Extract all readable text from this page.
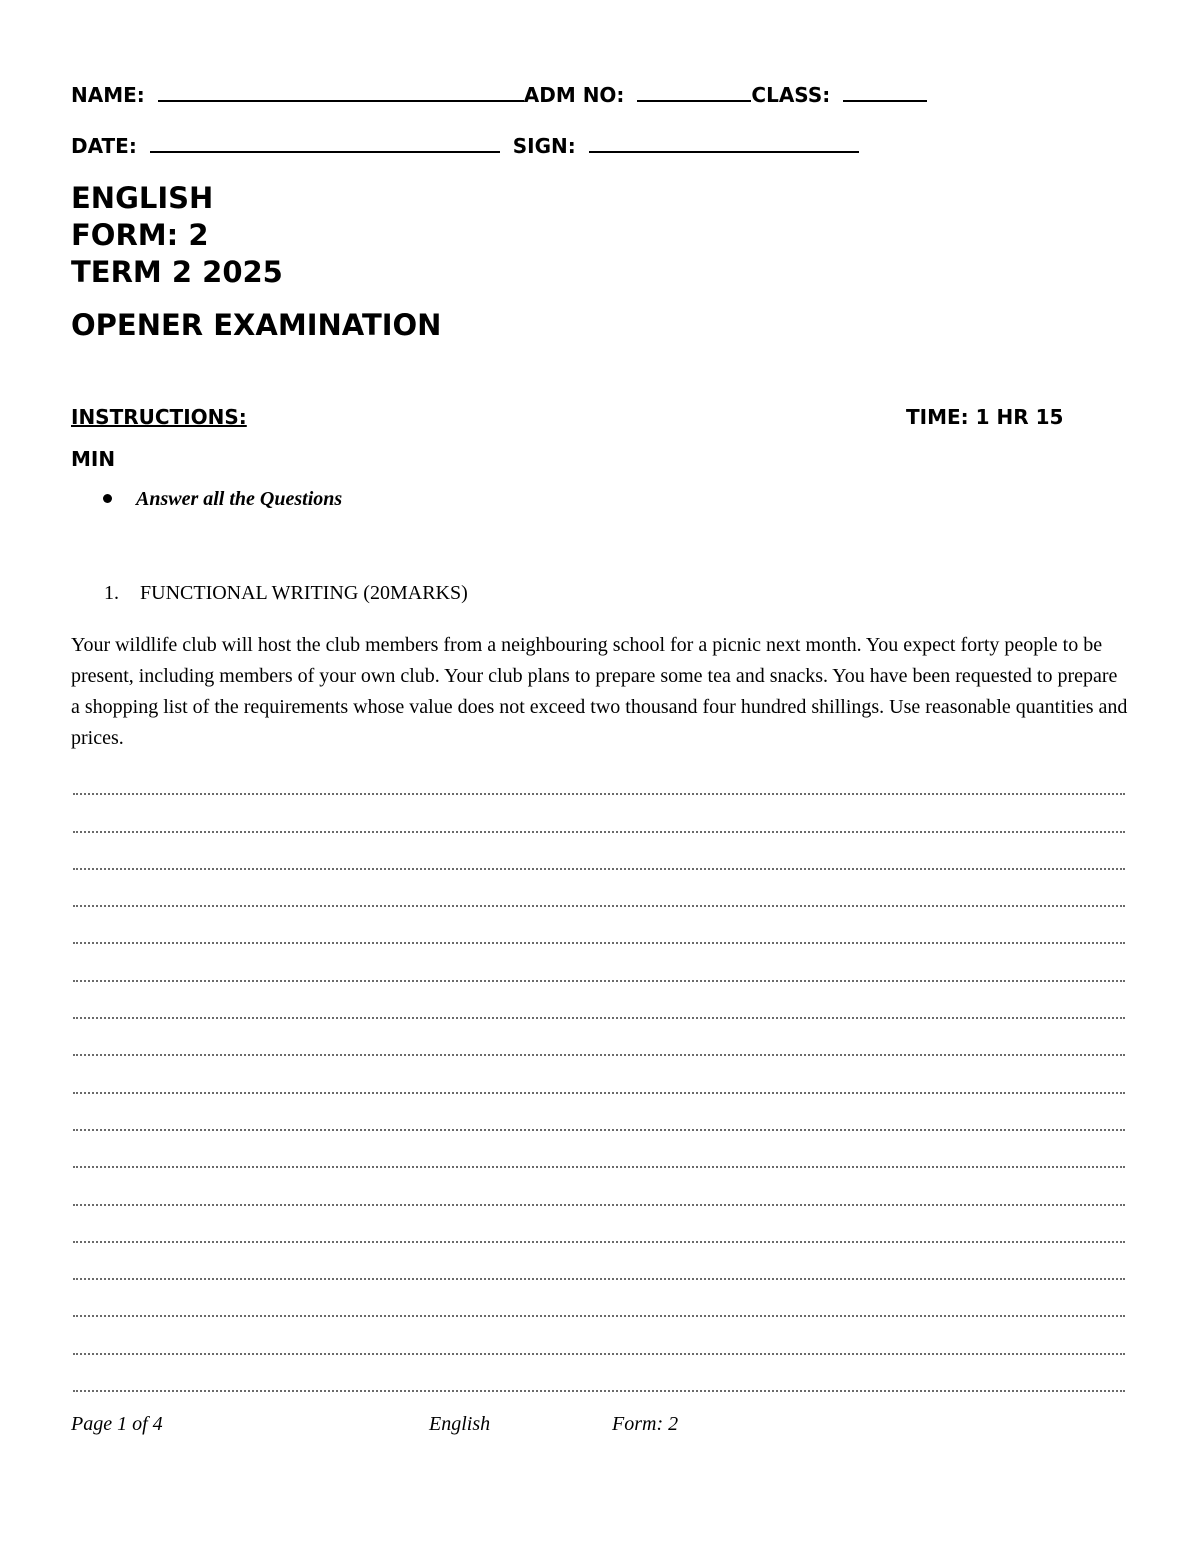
NAME:	ADM NO:	CLASS:
DATE:	SIGN:
ENGLISH
FORM: 2
TERM 2 2025
OPENER EXAMINATION
INSTRUCTIONS:	TIME: 1 HR 15
MIN
Answer all the Questions
1. FUNCTIONAL WRITING (20MARKS)
Your wildlife club will host the club members from a neighbouring school for a picnic next month. You expect forty people to be present, including members of your own club. Your club plans to prepare some tea and snacks. You have been requested to prepare a shopping list of the requirements whose value does not exceed two thousand four hundred shillings. Use reasonable quantities and prices.
Page 1 of 4	English	Form: 2
